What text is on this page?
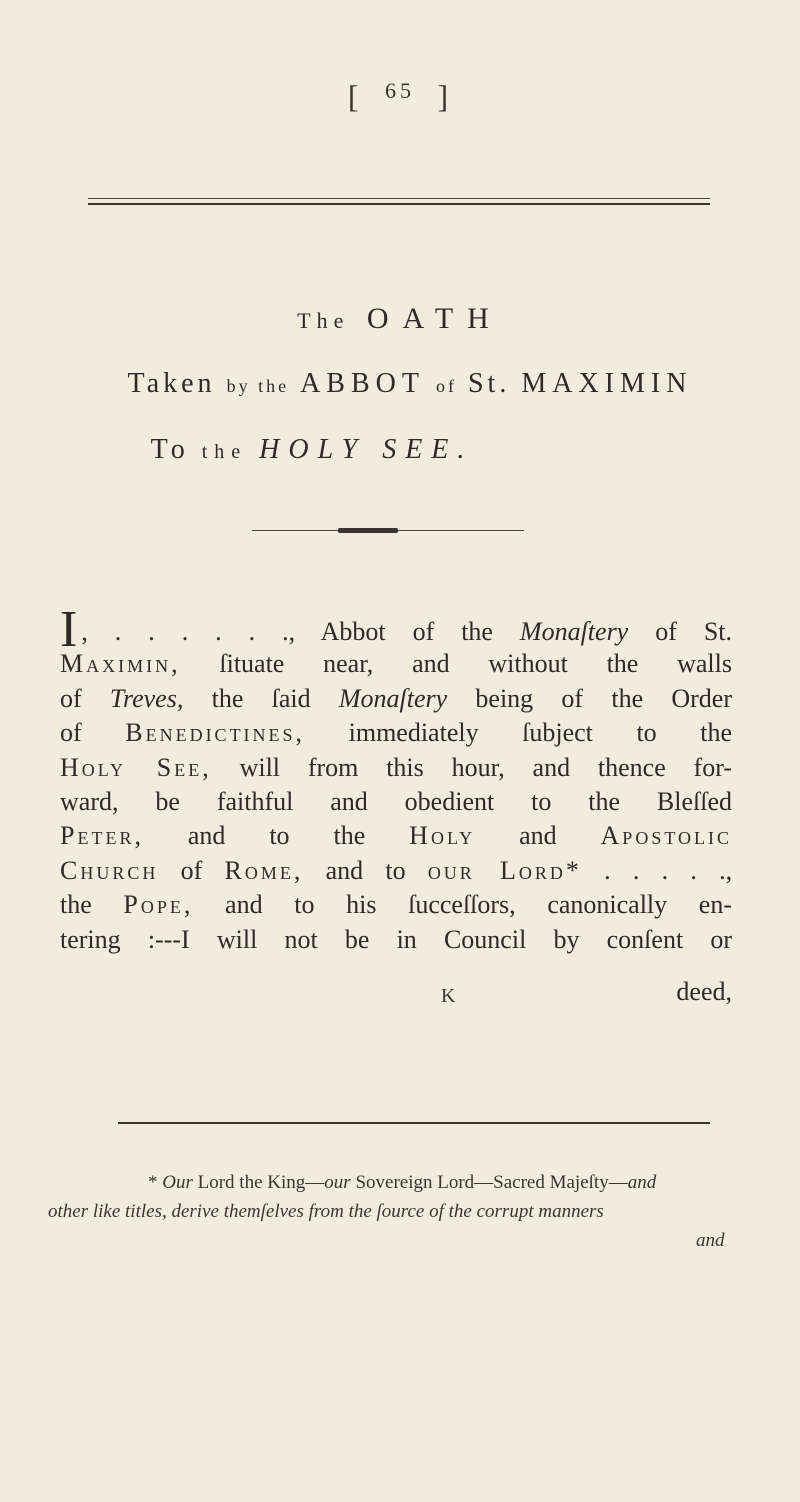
[ $^{65}$ ]
The OATH
Taken by the ABBOT of St. MAXIMIN
To the HOLY SEE.
I , . . . . . ., Abbot of the Monaſtery of St.
Maximin, ſituate near, and without the walls
of Treves, the ſaid Monaſtery being of the Order
of Benedictines, immediately ſubject to the
Holy See, will from this hour, and thence for-
ward, be faithful and obedient to the Bleſſed
Peter, and to the Holy and Apostolic
Church of Rome, and to our Lord* . . . . .,
the Pope, and to his ſucceſſors, canonically en-
tering :---I will not be in Council by conſent or
K	deed,
* Our Lord the King—our Sovereign Lord—Sacred Majeſty—and
other like titles, derive themſelves from the ſource of the corrupt manners
and
